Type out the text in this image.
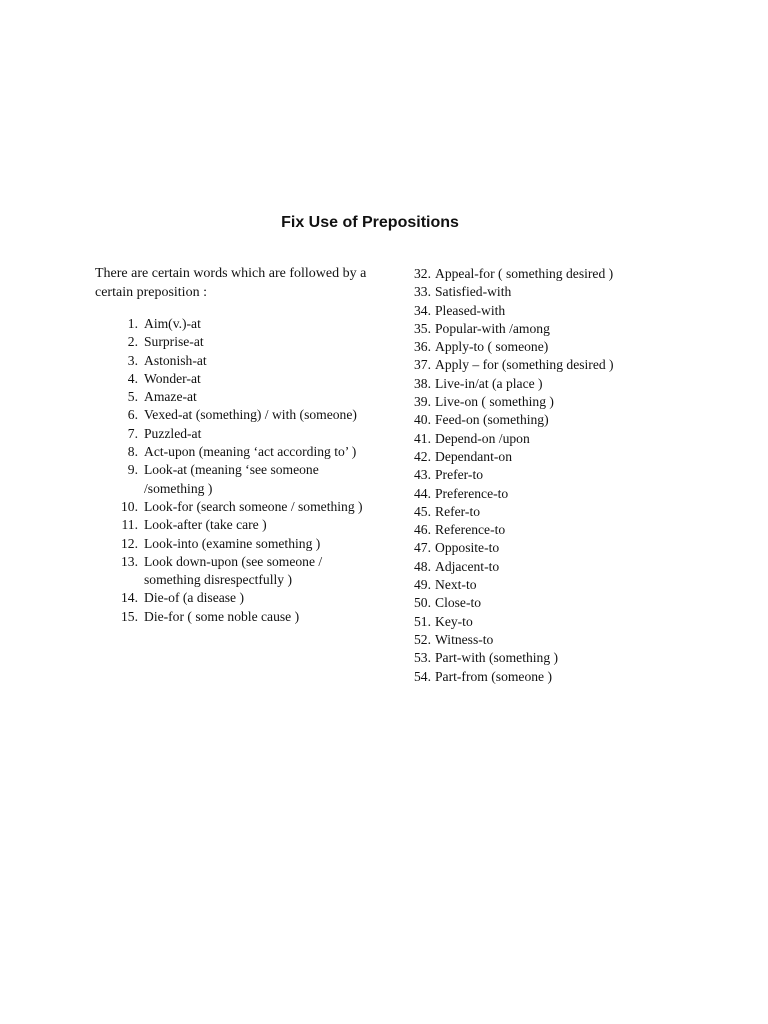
Fix Use of Prepositions
There are certain words which are followed by a certain preposition :
1. Aim(v.)-at
2. Surprise-at
3. Astonish-at
4. Wonder-at
5. Amaze-at
6. Vexed-at (something) / with (someone)
7. Puzzled-at
8. Act-upon (meaning ‘act according to’ )
9. Look-at (meaning ‘see someone /something )
10. Look-for (search someone / something )
11. Look-after (take care )
12. Look-into (examine something )
13. Look down-upon (see someone / something disrespectfully )
14. Die-of (a disease )
15. Die-for ( some noble cause )
32. Appeal-for ( something desired )
33. Satisfied-with
34. Pleased-with
35. Popular-with /among
36. Apply-to ( someone)
37. Apply – for (something desired )
38. Live-in/at (a place )
39. Live-on ( something )
40. Feed-on (something)
41. Depend-on /upon
42. Dependant-on
43. Prefer-to
44. Preference-to
45. Refer-to
46. Reference-to
47. Opposite-to
48. Adjacent-to
49. Next-to
50. Close-to
51. Key-to
52. Witness-to
53. Part-with (something )
54. Part-from (someone )
